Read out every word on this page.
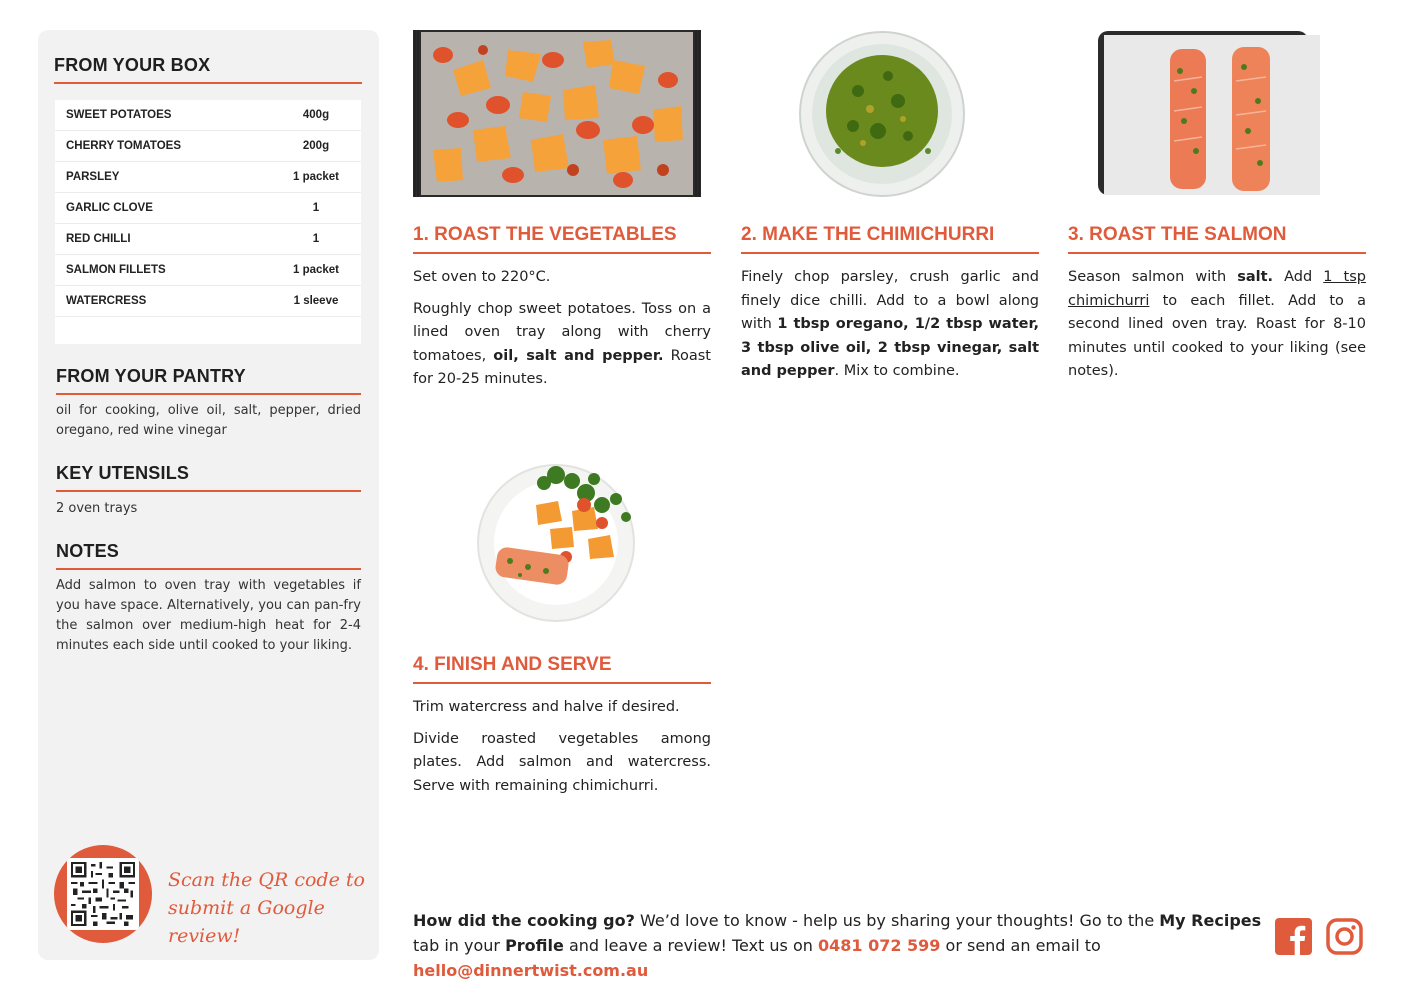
FROM YOUR BOX
SWEET POTATOES	400g
CHERRY TOMATOES	200g
PARSLEY	1 packet
GARLIC CLOVE	1
RED CHILLI	1
SALMON FILLETS	1 packet
WATERCRESS	1 sleeve
FROM YOUR PANTRY
oil for cooking, olive oil, salt, pepper, dried oregano, red wine vinegar
KEY UTENSILS
2 oven trays
NOTES
Add salmon to oven tray with vegetables if you have space. Alternatively, you can pan-fry the salmon over medium-high heat for 2-4 minutes each side until cooked to your liking.
Scan the QR code to submit a Google review!
1. ROAST THE VEGETABLES

Set oven to 220°C.

Roughly chop sweet potatoes. Toss on a lined oven tray along with cherry tomatoes, oil, salt and pepper. Roast for 20-25 minutes.

2. MAKE THE CHIMICHURRI

Finely chop parsley, crush garlic and finely dice chilli. Add to a bowl along with 1 tbsp oregano, 1/2 tbsp water, 3 tbsp olive oil, 2 tbsp vinegar, salt and pepper. Mix to combine.

3. ROAST THE SALMON

Season salmon with salt. Add 1 tsp chimichurri to each fillet. Add to a second lined oven tray. Roast for 8-10 minutes until cooked to your liking (see notes).

4. FINISH AND SERVE

Trim watercress and halve if desired.

Divide roasted vegetables among plates. Add salmon and watercress. Serve with remaining chimichurri.

How did the cooking go? We’d love to know - help us by sharing your thoughts! Go to the My Recipes tab in your Profile and leave a review! Text us on 0481 072 599 or send an email to hello@dinnertwist.com.au
